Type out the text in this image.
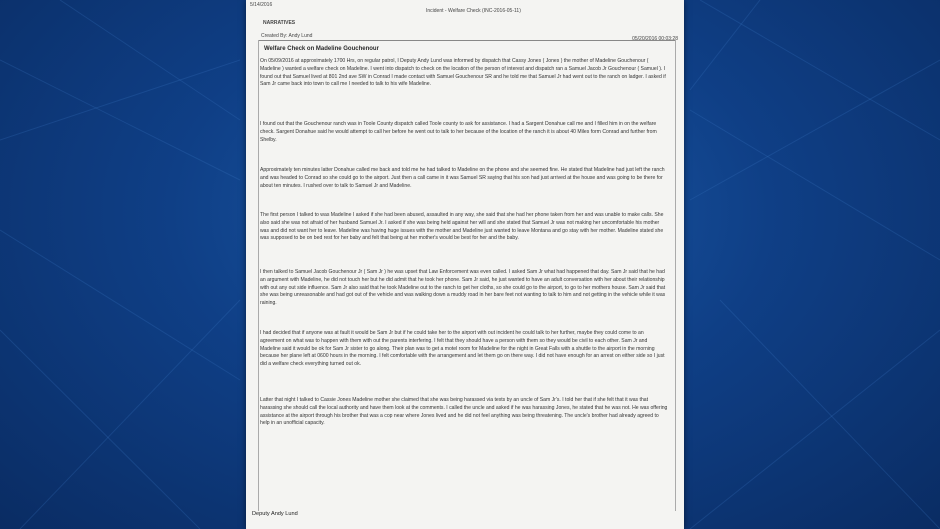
5/14/2016
Incident - Welfare Check (INC-2016-05-11)
NARRATIVES
Created By: Andy Lund	05/20/2016 00:03:28
Welfare Check on Madeline Gouchenour

On 05/09/2016 at approximately 1700 Hrs, on regular patrol, I Deputy Andy Lund was informed by dispatch that Cassy Jones ( Jones ) the mother of Madeline Gouchenour ( Madeline ) wanted a welfare check on Madeline. I went into dispatch to check on the location of the person of interest and dispatch ran a Samuel Jacob Jr Gouchenour ( Samuel ). I found out that Samuel lived at 801 2nd ave SW in Conrad I made contact with Samuel Gouchenour SR and he told me that Samuel Jr had went out to the ranch on ladger. I asked if Sam Jr came back into town to call me I needed to talk to his wife Madeline.

I found out that the Gouchenour ranch was in Toole County dispatch called Toole county to ask for assistance. I had a Sargent Donahue call me and I filled him in on the welfare check. Sargent Donahue said he would attempt to call her before he went out to talk to her because of the location of the ranch it is about 40 Miles form Conrad and further from Shelby.

Approximately ten minutes latter Donahue called me back and told me he had talked to Madeline on the phone and she seemed fine. He stated that Madeline had just left the ranch and was headed to Conrad so she could go to the airport. Just then a call came in it was Samuel SR saying that his son had just arrived at the house and was going to be there for about ten minutes. I rushed over to talk to Samuel Jr and Madeline.

The first person I talked to was Madeline I asked if she had been abused, assaulted in any way, she said that she had her phone taken from her and was unable to make calls. She also said she was not afraid of her husband Samuel Jr. I asked if she was being held against her will and she stated that Samuel Jr was not making her uncomfortable his mother was and did not want her to leave. Madeline was having huge issues with the mother and Madeline just wanted to leave Montana and go stay with her mother. Madeline stated she was supposed to be on bed rest for her baby and felt that being at her mother's would be best for her and the baby.

I then talked to Samuel Jacob Gouchenour Jr ( Sam Jr ) he was upset that Law Enforcement was even called. I asked Sam Jr what had happened that day. Sam Jr said that he had an argument with Madeline, he did not touch her but he did admit that he took her phone. Sam Jr said, he just wanted to have an adult conversation with her about their relationship with out any out side influence. Sam Jr also said that he took Madeline out to the ranch to get her cloths, so she could go to the airport, to go to her mothers house. Sam Jr said that she was being unreasonable and had got out of the vehicle and was walking down a muddy road in her bare feet not wanting to talk to him and not getting in the vehicle while it was raining.

I had decided that if anyone was at fault it would be Sam Jr but if he could take her to the airport with out incident he could talk to her further, maybe they could come to an agreement on what was to happen with them with out the parents interfering. I felt that they should have a person with them so they would be civil to each other. Sam Jr and Madeline said it would be ok for Sam Jr sister to go along. Their plan was to get a motel room for Madeline for the night in Great Falls with a shuttle to the airport in the morning because her plane left at 0600 hours in the morning. I felt comfortable with the arrangement and let them go on there way. I did not have enough for an arrest on either side so I just did a welfare check everything turned out ok.

Latter that night I talked to Cassie Jones Madeline mother she claimed that she was being harassed via texts by an uncle of Sam Jr's. I told her that if she felt that it was that harassing she should call the local authority and have them look at the comments. I called the uncle and asked if he was harassing Jones, he stated that he was not. He was offering assistance at the airport through his brother that was a cop near where Jones lived and he did not feel anything was being threatening. The uncle's brother had already agreed to help in an unofficial capacity.

Deputy Andy Lund
